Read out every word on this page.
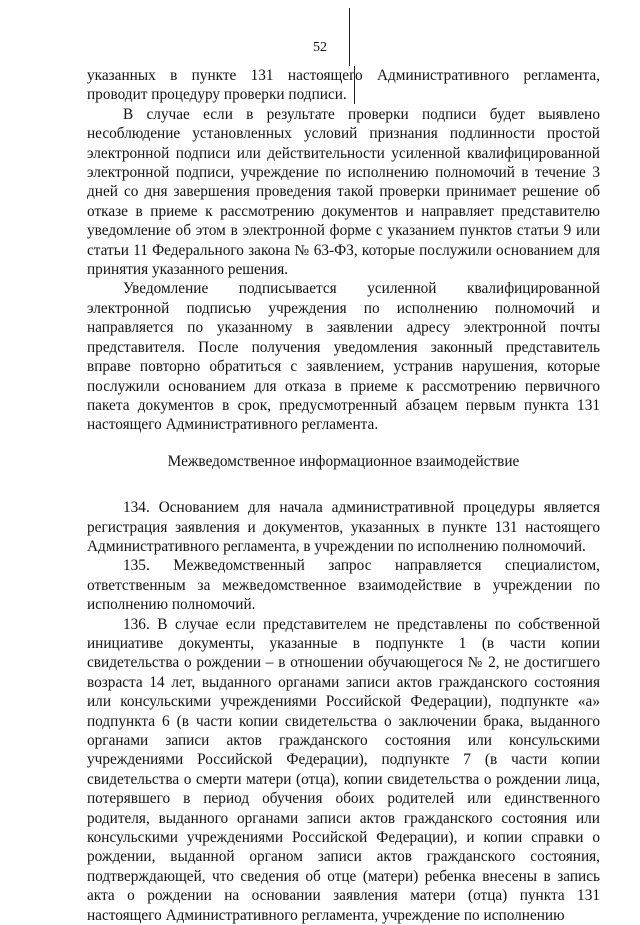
52

указанных в пункте 131 настоящего Административного регламента, проводит процедуру проверки подписи.

В случае если в результате проверки подписи будет выявлено несоблюдение установленных условий признания подлинности простой электронной подписи или действительности усиленной квалифицированной электронной подписи, учреждение по исполнению полномочий в течение 3 дней со дня завершения проведения такой проверки принимает решение об отказе в приеме к рассмотрению документов и направляет представителю уведомление об этом в электронной форме с указанием пунктов статьи 9 или статьи 11 Федерального закона № 63-ФЗ, которые послужили основанием для принятия указанного решения.

Уведомление подписывается усиленной квалифицированной электронной подписью учреждения по исполнению полномочий и направляется по указанному в заявлении адресу электронной почты представителя. После получения уведомления законный представитель вправе повторно обратиться с заявлением, устранив нарушения, которые послужили основанием для отказа в приеме к рассмотрению первичного пакета документов в срок, предусмотренный абзацем первым пункта 131 настоящего Административного регламента.

Межведомственное информационное взаимодействие

134. Основанием для начала административной процедуры является регистрация заявления и документов, указанных в пункте 131 настоящего Административного регламента, в учреждении по исполнению полномочий.

135. Межведомственный запрос направляется специалистом, ответственным за межведомственное взаимодействие в учреждении по исполнению полномочий.

136. В случае если представителем не представлены по собственной инициативе документы, указанные в подпункте 1 (в части копии свидетельства о рождении – в отношении обучающегося № 2, не достигшего возраста 14 лет, выданного органами записи актов гражданского состояния или консульскими учреждениями Российской Федерации), подпункте «а» подпункта 6 (в части копии свидетельства о заключении брака, выданного органами записи актов гражданского состояния или консульскими учреждениями Российской Федерации), подпункте 7 (в части копии свидетельства о смерти матери (отца), копии свидетельства о рождении лица, потерявшего в период обучения обоих родителей или единственного родителя, выданного органами записи актов гражданского состояния или консульскими учреждениями Российской Федерации), и копии справки о рождении, выданной органом записи актов гражданского состояния, подтверждающей, что сведения об отце (матери) ребенка внесены в запись акта о рождении на основании заявления матери (отца) пункта 131 настоящего Административного регламента, учреждение по исполнению
